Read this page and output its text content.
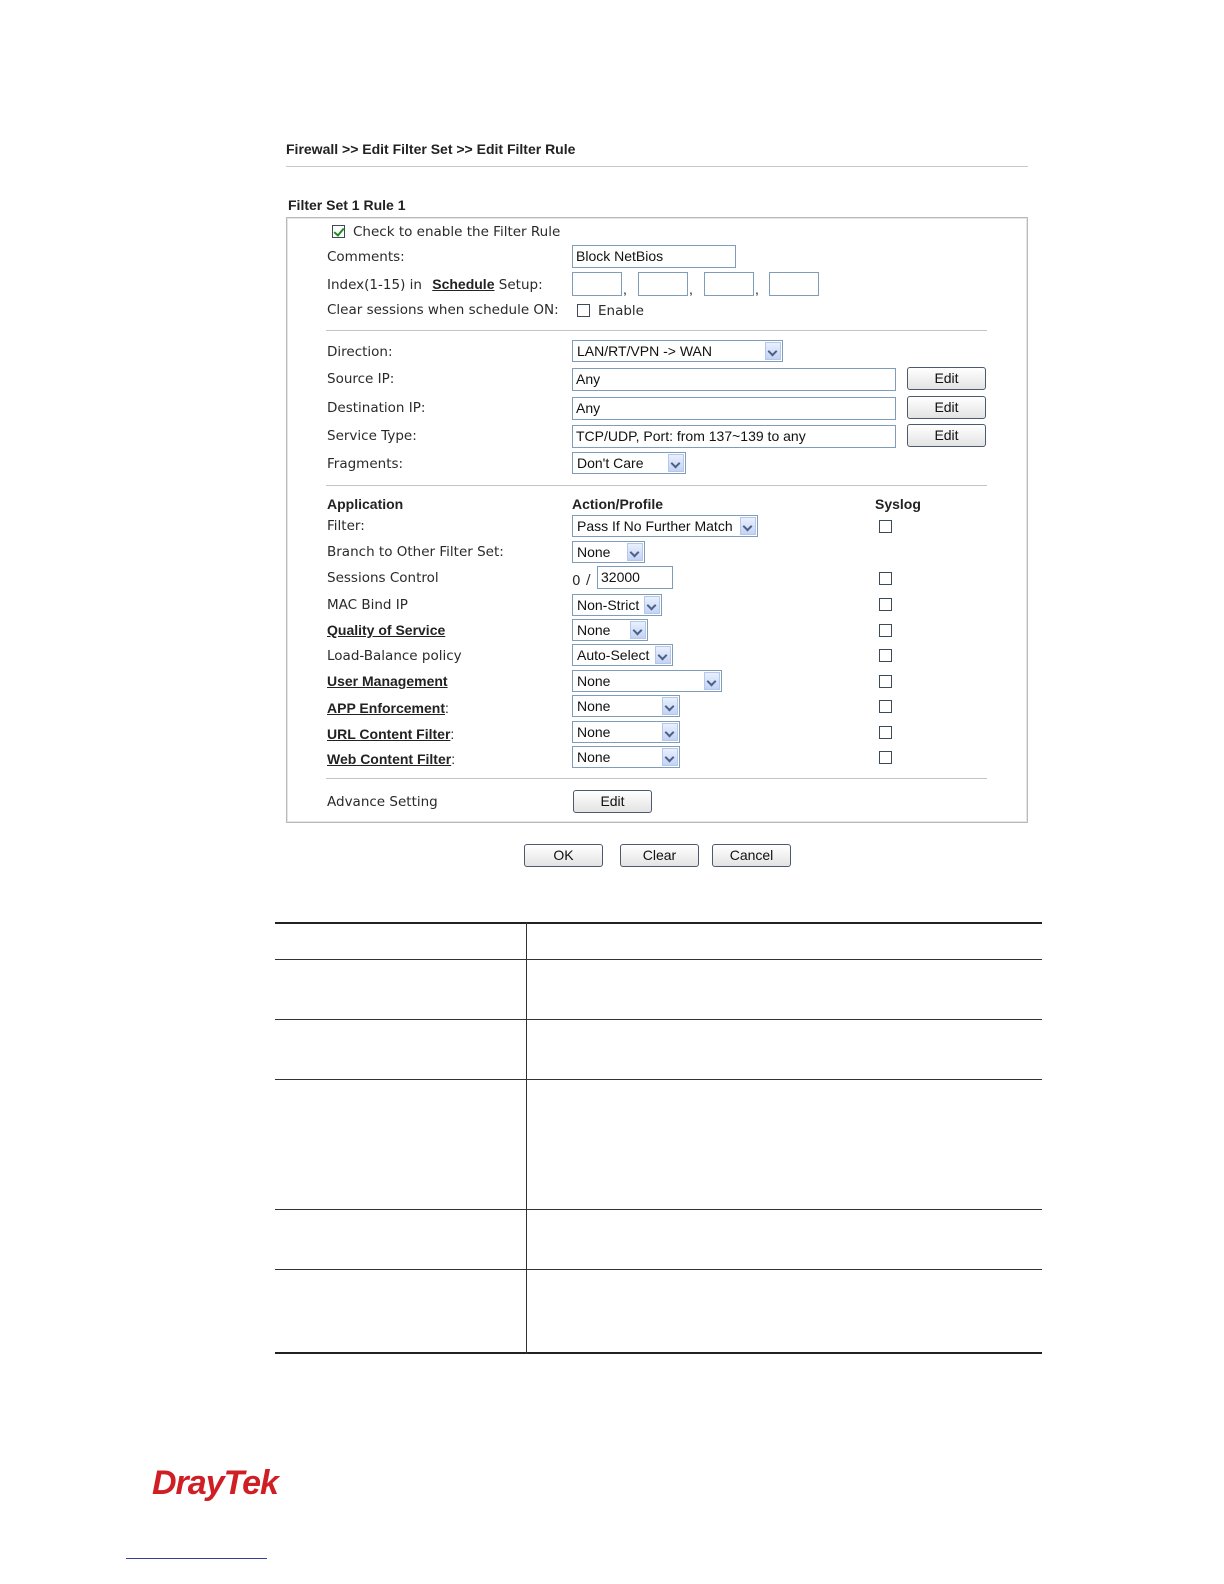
Firewall >> Edit Filter Set >> Edit Filter Rule
Filter Set 1 Rule 1
Check to enable the Filter Rule
Comments:	Block NetBios
Index(1-15) in Schedule Setup:	,	,	,
Clear sessions when schedule ON:	Enable
Direction:	LAN/RT/VPN -> WAN
Source IP:	Any	Edit
Destination IP:	Any	Edit
Service Type:	TCP/UDP, Port: from 137~139 to any	Edit
Fragments:	Don't Care
Application	Action/Profile	Syslog
Filter:	Pass If No Further Match
Branch to Other Filter Set:	None
Sessions Control	0 / 32000
MAC Bind IP	Non-Strict
Quality of Service	None
Load-Balance policy	Auto-Select
User Management	None
APP Enforcement:	None
URL Content Filter:	None
Web Content Filter:	None
Advance Setting	Edit
OK	Clear	Cancel
DrayTek
